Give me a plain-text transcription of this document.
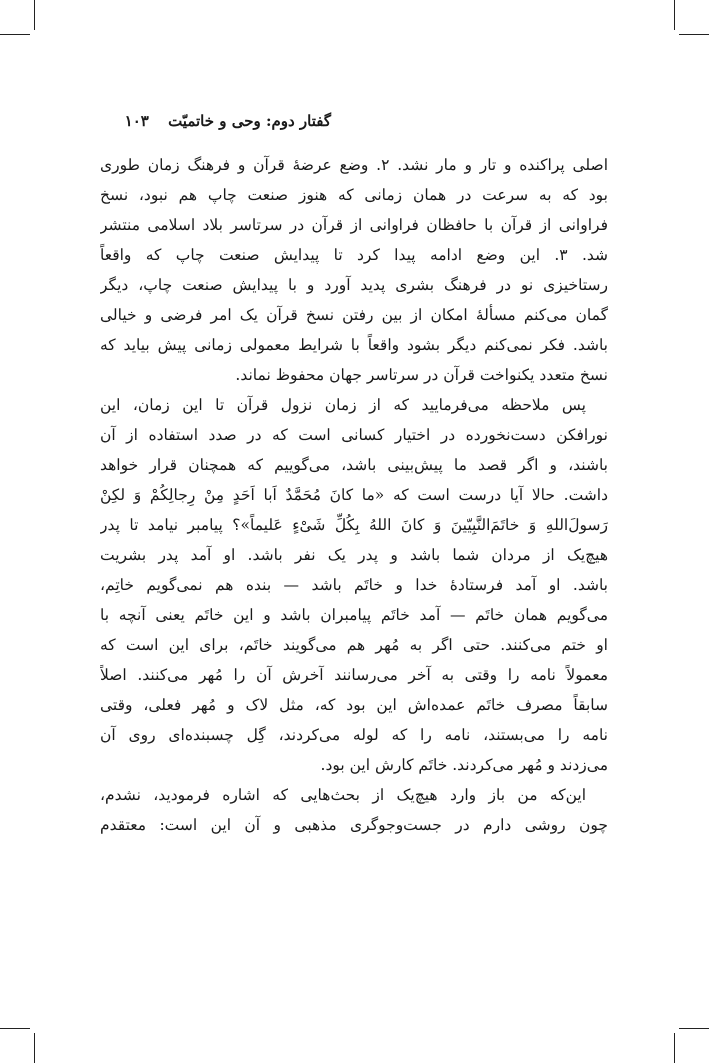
گفتار دوم: وحی و خاتمیّت ۱۰۳
اصلی پراکنده و تار و مار نشد. ۲. وضع عرضهٔ قرآن و فرهنگ زمان طوری
بود که به سرعت در همان زمانی که هنوز صنعت چاپ هم نبود، نسخ
فراوانی از قرآن با حافظان فراوانی از قرآن در سرتاسر بلاد اسلامی منتشر
شد. ۳. این وضع ادامه پیدا کرد تا پیدایش صنعت چاپ که واقعاً
رستاخیزی نو در فرهنگ بشری پدید آورد و با پیدایش صنعت چاپ، دیگر
گمان می‌کنم مسألهٔ امکان از بین رفتن نسخ قرآن یک امر فرضی و خیالی
باشد. فکر نمی‌کنم دیگر بشود واقعاً با شرایط معمولی زمانی پیش بیاید که
نسخ متعدد یکنواخت قرآن در سرتاسر جهان محفوظ نماند.
پس ملاحظه می‌فرمایید که از زمان نزول قرآن تا این زمان، این
نورافکن دست‌نخورده در اختیار کسانی است که در صدد استفاده از آن
باشند، و اگر قصد ما پیش‌بینی باشد، می‌گوییم که همچنان قرار خواهد
داشت. حالا آیا درست است که «ما کانَ مُحَمَّدٌ اَبا اَحَدٍ مِنْ رِجالِکُمْ وَ لکِنْ
رَسولَ‌اللهِ وَ خاتَمَ‌النَّبِیّینَ وَ کانَ اللهُ بِکُلِّ شَیْءٍ عَلیماً»؟ پیامبر نیامد تا پدر
هیچ‌یک از مردان شما باشد و پدر یک نفر باشد. او آمد پدر بشریت
باشد. او آمد فرستادهٔ خدا و خاتَم باشد — بنده هم نمی‌گویم خاتِم،
می‌گویم همان خاتَم — آمد خاتَم پیامبران باشد و این خاتَم یعنی آنچه با
او ختم می‌کنند. حتی اگر به مُهر هم می‌گویند خاتَم، برای این است که
معمولاً نامه را وقتی به آخر می‌رسانند آخرش آن را مُهر می‌کنند. اصلاً
سابقاً مصرف خاتَم عمده‌اش این بود که، مثل لاک و مُهر فعلی، وقتی
نامه را می‌بستند، نامه را که لوله می‌کردند، گِل چسبنده‌ای روی آن
می‌زدند و مُهر می‌کردند. خاتَم کارش این بود.
این‌که من باز وارد هیچ‌یک از بحث‌هایی که اشاره فرمودید، نشدم،
چون روشی دارم در جست‌وجوگری مذهبی و آن این است: معتقدم
